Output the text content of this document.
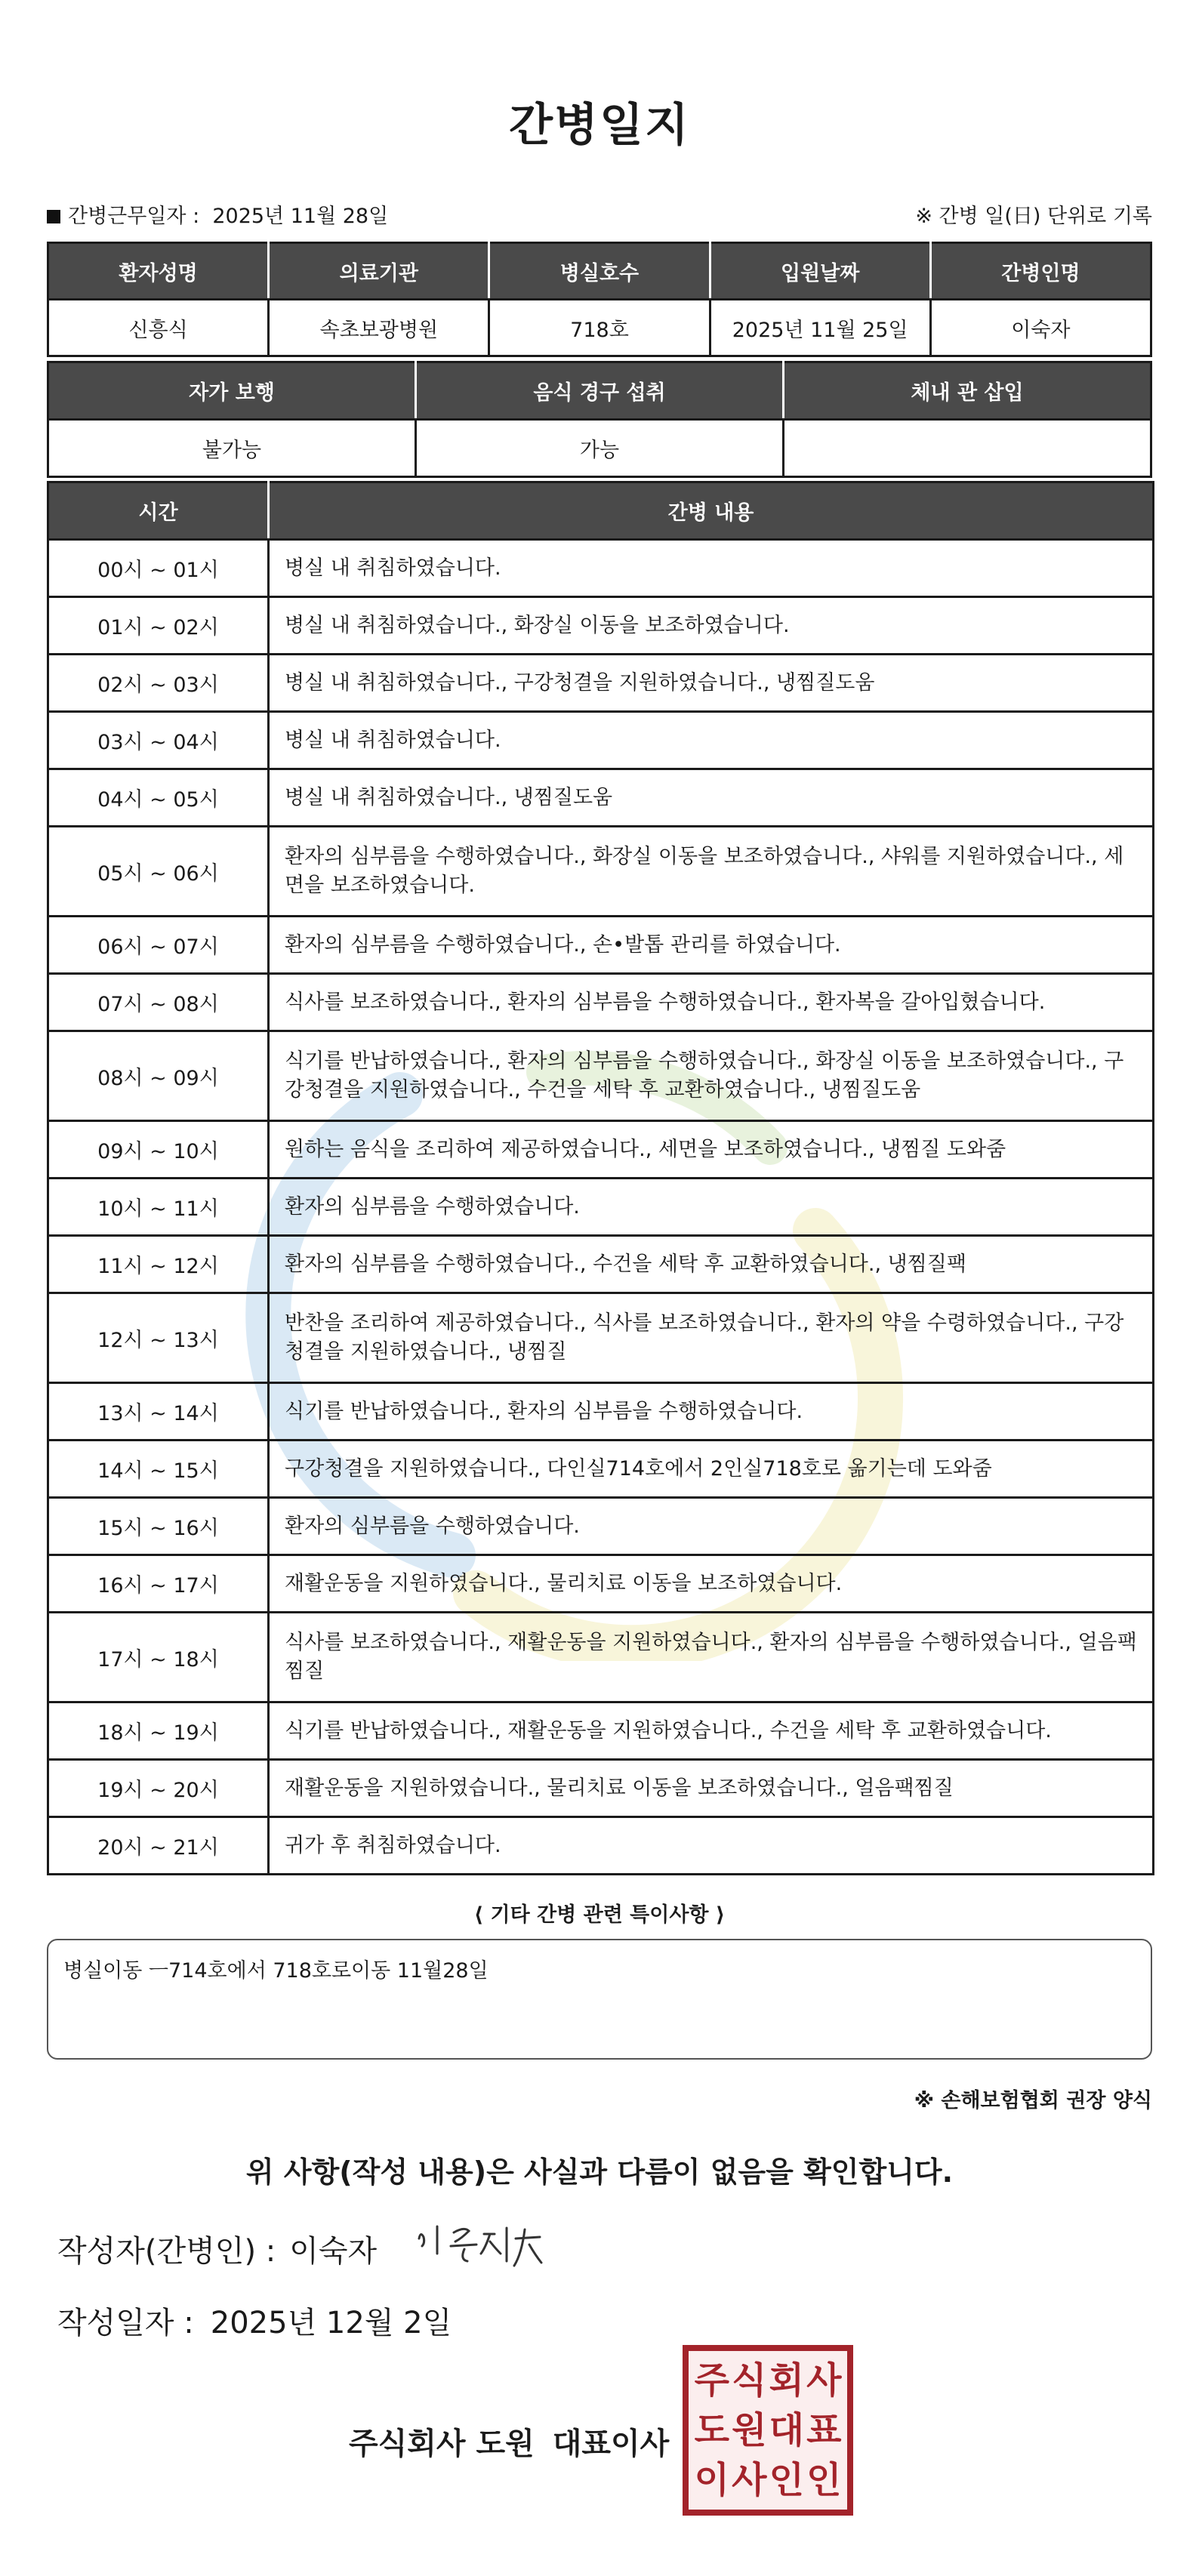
간병일지
간병근무일자 : 2025년 11월 28일	※ 간병 일(日) 단위로 기록
환자성명	의료기관	병실호수	입원날짜	간병인명
신흥식	속초보광병원	718호	2025년 11월 25일	이숙자
자가 보행	음식 경구 섭취	체내 관 삽입
불가능	가능	
시간	간병 내용
00시 ~ 01시	병실 내 취침하였습니다.
01시 ~ 02시	병실 내 취침하였습니다., 화장실 이동을 보조하였습니다.
02시 ~ 03시	병실 내 취침하였습니다., 구강청결을 지원하였습니다., 냉찜질도움
03시 ~ 04시	병실 내 취침하였습니다.
04시 ~ 05시	병실 내 취침하였습니다., 냉찜질도움
05시 ~ 06시	환자의 심부름을 수행하였습니다., 화장실 이동을 보조하였습니다., 샤워를 지원하였습니다., 세면을 보조하였습니다.
06시 ~ 07시	환자의 심부름을 수행하였습니다., 손•발톱 관리를 하였습니다.
07시 ~ 08시	식사를 보조하였습니다., 환자의 심부름을 수행하였습니다., 환자복을 갈아입혔습니다.
08시 ~ 09시	식기를 반납하였습니다., 환자의 심부름을 수행하였습니다., 화장실 이동을 보조하였습니다., 구강청결을 지원하였습니다., 수건을 세탁 후 교환하였습니다., 냉찜질도움
09시 ~ 10시	원하는 음식을 조리하여 제공하였습니다., 세면을 보조하였습니다., 냉찜질 도와줌
10시 ~ 11시	환자의 심부름을 수행하였습니다.
11시 ~ 12시	환자의 심부름을 수행하였습니다., 수건을 세탁 후 교환하였습니다., 냉찜질팩
12시 ~ 13시	반찬을 조리하여 제공하였습니다., 식사를 보조하였습니다., 환자의 약을 수령하였습니다., 구강청결을 지원하였습니다., 냉찜질
13시 ~ 14시	식기를 반납하였습니다., 환자의 심부름을 수행하였습니다.
14시 ~ 15시	구강청결을 지원하였습니다., 다인실714호에서 2인실718호로 옮기는데 도와줌
15시 ~ 16시	환자의 심부름을 수행하였습니다.
16시 ~ 17시	재활운동을 지원하였습니다., 물리치료 이동을 보조하였습니다.
17시 ~ 18시	식사를 보조하였습니다., 재활운동을 지원하였습니다., 환자의 심부름을 수행하였습니다., 얼음팩찜질
18시 ~ 19시	식기를 반납하였습니다., 재활운동을 지원하였습니다., 수건을 세탁 후 교환하였습니다.
19시 ~ 20시	재활운동을 지원하였습니다., 물리치료 이동을 보조하였습니다., 얼음팩찜질
20시 ~ 21시	귀가 후 취침하였습니다.
⟨ 기타 간병 관련 특이사항 ⟩
병실이동 ㅡ714호에서 718호로이동 11월28일
※ 손해보험협회 권장 양식
위 사항(작성 내용)은 사실과 다름이 없음을 확인합니다.
작성자(간병인) : 이숙자
작성일자 : 2025년 12월 2일
주식회사 도원 대표이사
주 식 회 사
도 원 대 표
이 사 인 인
